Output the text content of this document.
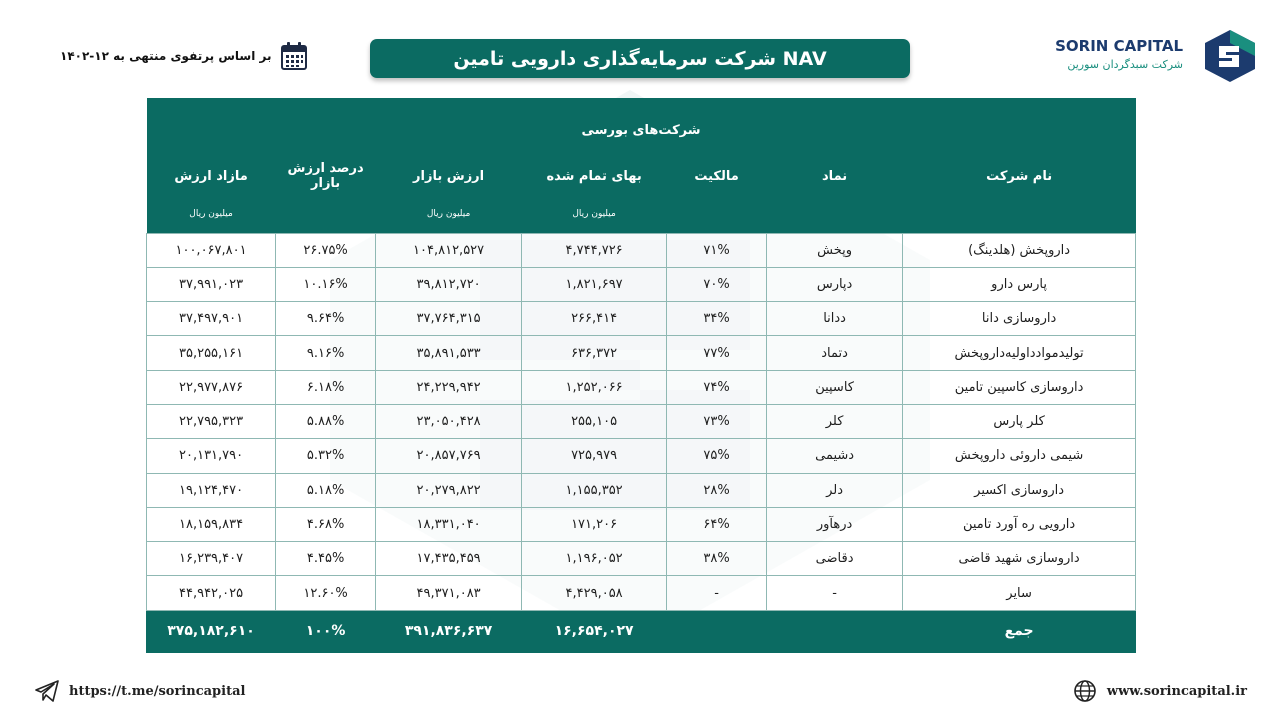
بر اساس پرتفوی منتهی به ۱۲-۱۴۰۲	NAV شرکت سرمایه‌گذاری دارویی تامین
SORIN CAPITAL
شرکت سبدگردان سورین
شرکت‌های بورسی						
نام شرکت	نماد	مالکیت	بهای تمام شده	ارزش بازار	درصد ارزش بازار	مازاد ارزش
			میلیون ریال	میلیون ریال		میلیون ریال
داروپخش (هلدینگ)	وپخش	۷۱%	۴,۷۴۴,۷۲۶	۱۰۴,۸۱۲,۵۲۷	۲۶.۷۵%	۱۰۰,۰۶۷,۸۰۱
پارس دارو	دپارس	۷۰%	۱,۸۲۱,۶۹۷	۳۹,۸۱۲,۷۲۰	۱۰.۱۶%	۳۷,۹۹۱,۰۲۳
داروسازی دانا	ددانا	۳۴%	۲۶۶,۴۱۴	۳۷,۷۶۴,۳۱۵	۹.۶۴%	۳۷,۴۹۷,۹۰۱
تولیدموادداولیه‌داروپخش	دتماد	۷۷%	۶۳۶,۳۷۲	۳۵,۸۹۱,۵۳۳	۹.۱۶%	۳۵,۲۵۵,۱۶۱
داروسازی کاسپین تامین	کاسپین	۷۴%	۱,۲۵۲,۰۶۶	۲۴,۲۲۹,۹۴۲	۶.۱۸%	۲۲,۹۷۷,۸۷۶
کلر پارس	کلر	۷۳%	۲۵۵,۱۰۵	۲۳,۰۵۰,۴۲۸	۵.۸۸%	۲۲,۷۹۵,۳۲۳
شیمی داروئی داروپخش	دشیمی	۷۵%	۷۲۵,۹۷۹	۲۰,۸۵۷,۷۶۹	۵.۳۲%	۲۰,۱۳۱,۷۹۰
داروسازی اکسیر	دلر	۲۸%	۱,۱۵۵,۳۵۲	۲۰,۲۷۹,۸۲۲	۵.۱۸%	۱۹,۱۲۴,۴۷۰
دارویی ره آورد تامین	درهآور	۶۴%	۱۷۱,۲۰۶	۱۸,۳۳۱,۰۴۰	۴.۶۸%	۱۸,۱۵۹,۸۳۴
داروسازی شهید قاضی	دقاضی	۳۸%	۱,۱۹۶,۰۵۲	۱۷,۴۳۵,۴۵۹	۴.۴۵%	۱۶,۲۳۹,۴۰۷
سایر	-	-	۴,۴۲۹,۰۵۸	۴۹,۳۷۱,۰۸۳	۱۲.۶۰%	۴۴,۹۴۲,۰۲۵
جمع			۱۶,۶۵۴,۰۲۷	۳۹۱,۸۳۶,۶۳۷	۱۰۰%	۳۷۵,۱۸۲,۶۱۰
https://t.me/sorincapital	www.sorincapital.ir
